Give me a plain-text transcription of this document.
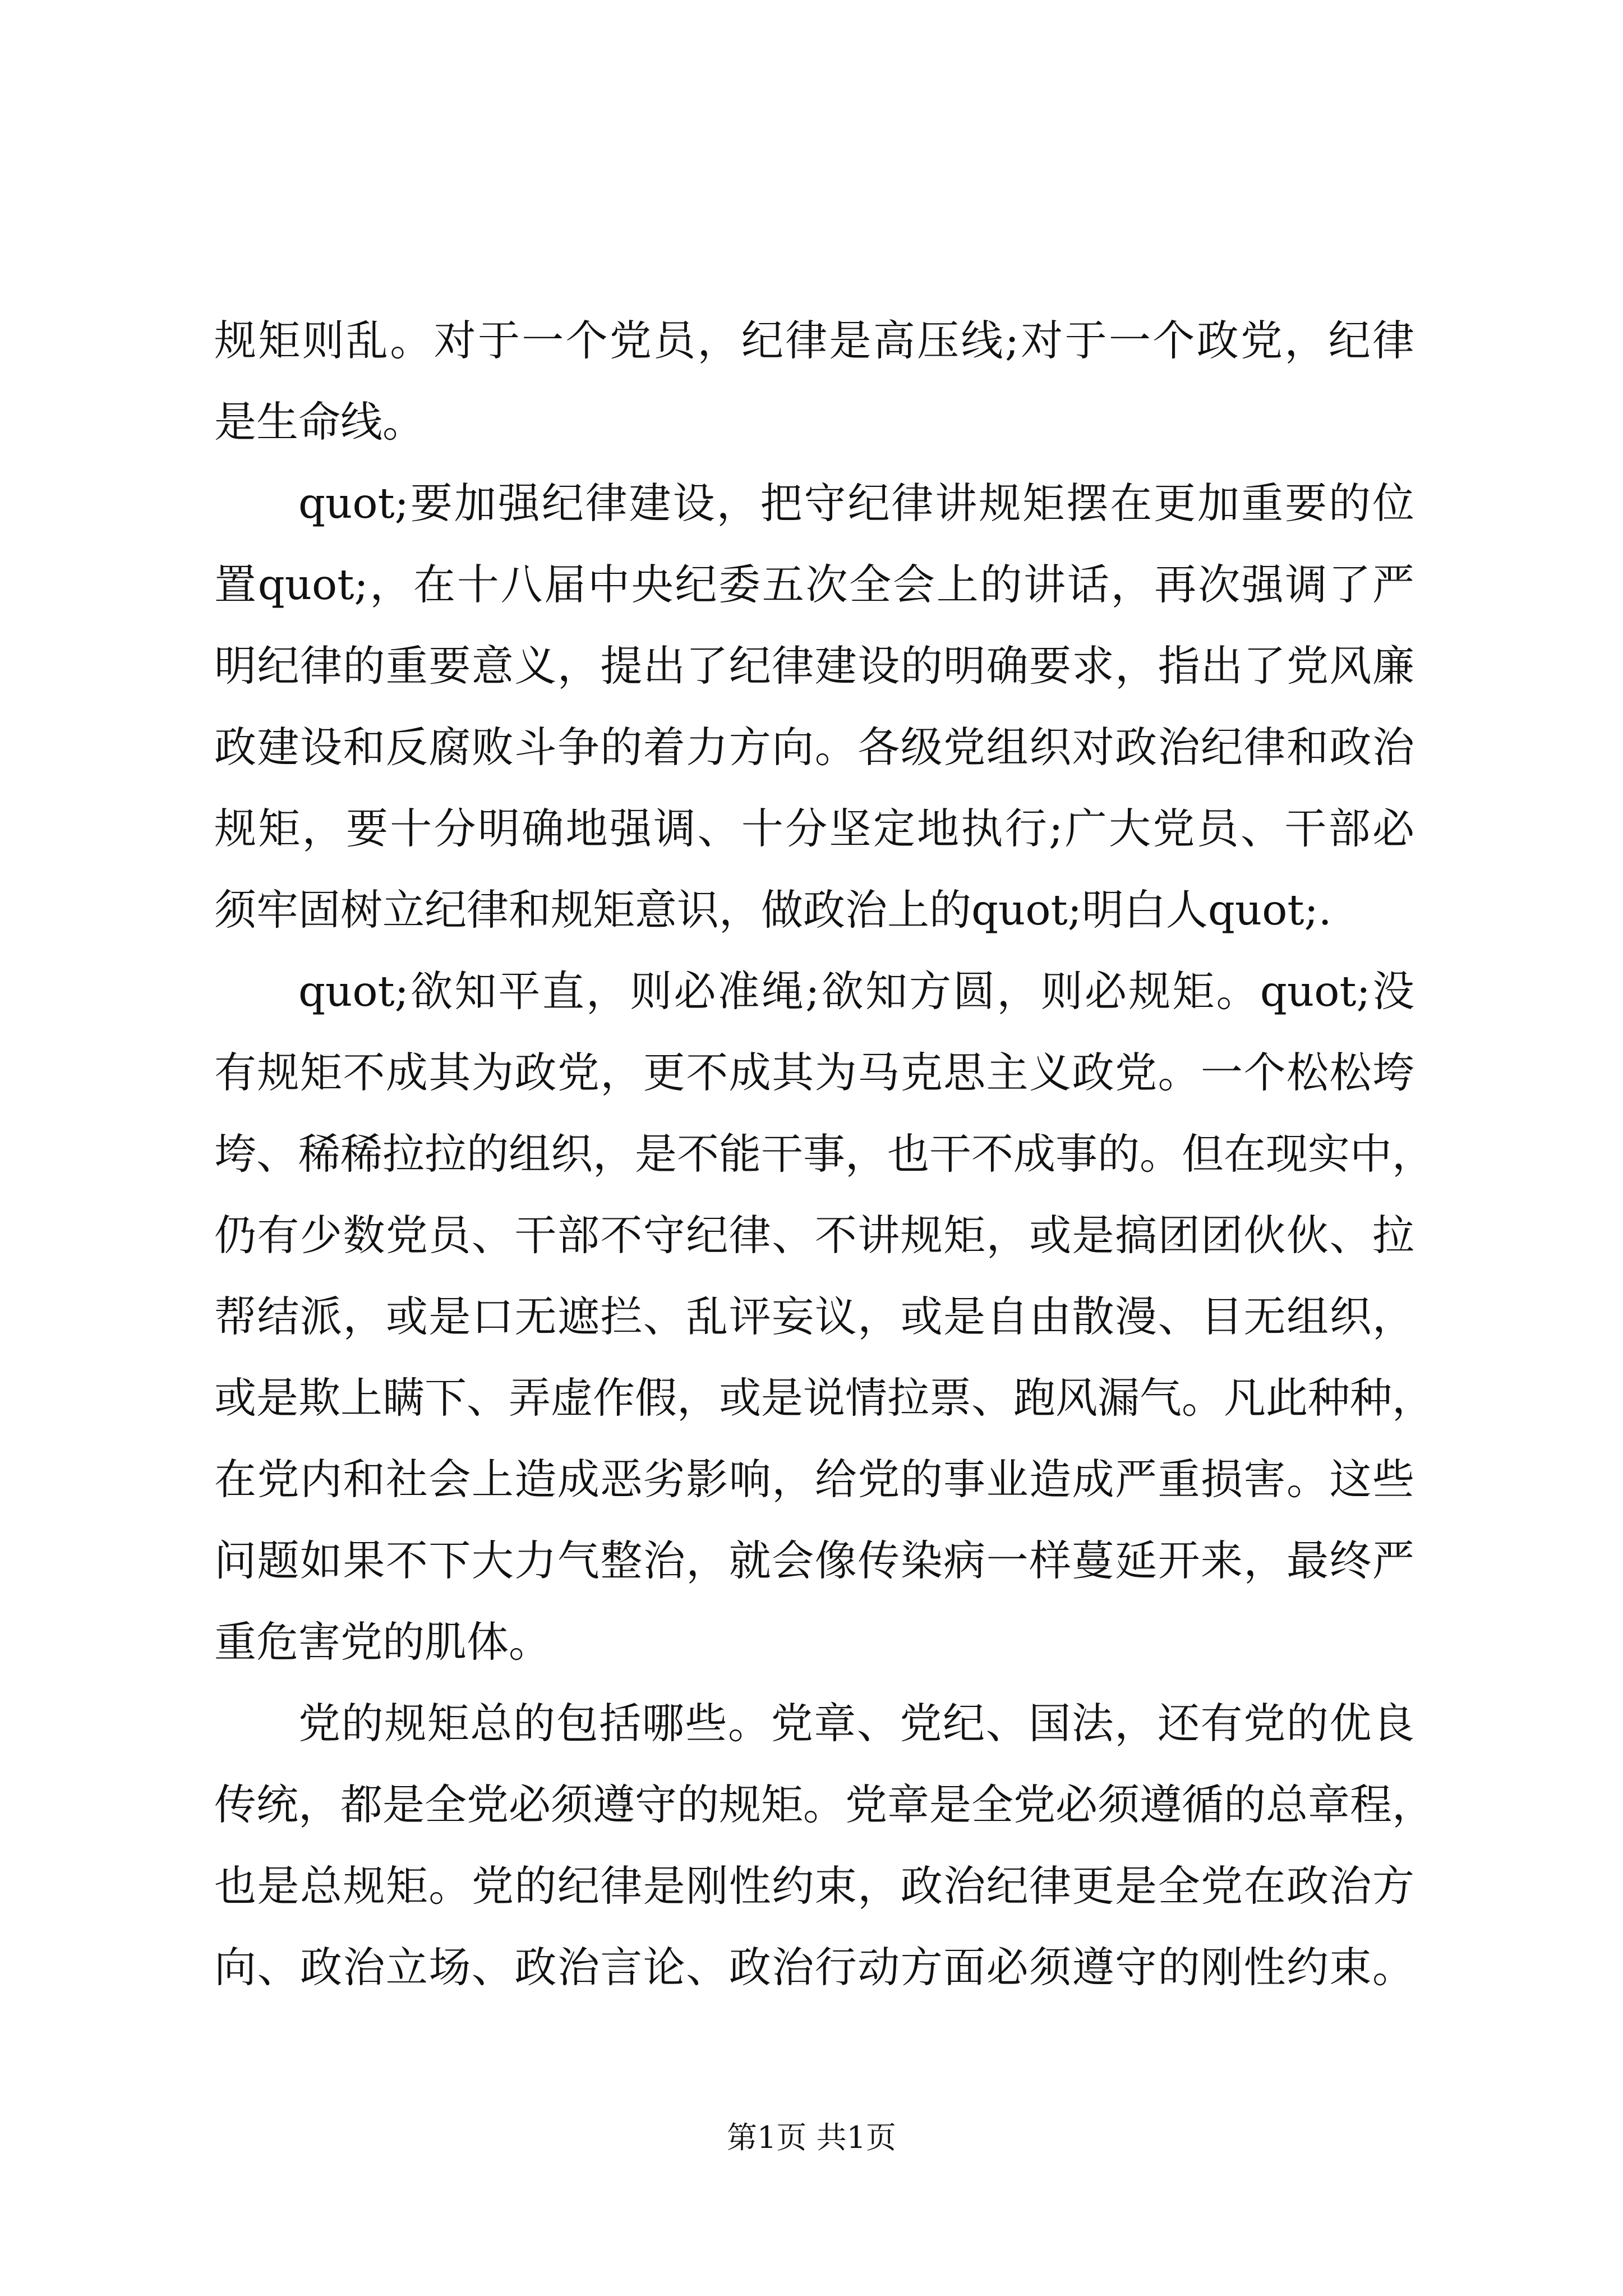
规矩则乱。对于一个党员，纪律是高压线;对于一个政党，纪律
是生命线。
quot;要加强纪律建设，把守纪律讲规矩摆在更加重要的位
置quot;，在十八届中央纪委五次全会上的讲话，再次强调了严
明纪律的重要意义，提出了纪律建设的明确要求，指出了党风廉
政建设和反腐败斗争的着力方向。各级党组织对政治纪律和政治
规矩，要十分明确地强调、十分坚定地执行;广大党员、干部必
须牢固树立纪律和规矩意识，做政治上的quot;明白人quot;.
quot;欲知平直，则必准绳;欲知方圆，则必规矩。quot;没
有规矩不成其为政党，更不成其为马克思主义政党。一个松松垮
垮、稀稀拉拉的组织，是不能干事，也干不成事的。但在现实中，
仍有少数党员、干部不守纪律、不讲规矩，或是搞团团伙伙、拉
帮结派，或是口无遮拦、乱评妄议，或是自由散漫、目无组织，
或是欺上瞒下、弄虚作假，或是说情拉票、跑风漏气。凡此种种，
在党内和社会上造成恶劣影响，给党的事业造成严重损害。这些
问题如果不下大力气整治，就会像传染病一样蔓延开来，最终严
重危害党的肌体。
党的规矩总的包括哪些。党章、党纪、国法，还有党的优良
传统，都是全党必须遵守的规矩。党章是全党必须遵循的总章程，
也是总规矩。党的纪律是刚性约束，政治纪律更是全党在政治方
向、政治立场、政治言论、政治行动方面必须遵守的刚性约束。
第1页 共1页
